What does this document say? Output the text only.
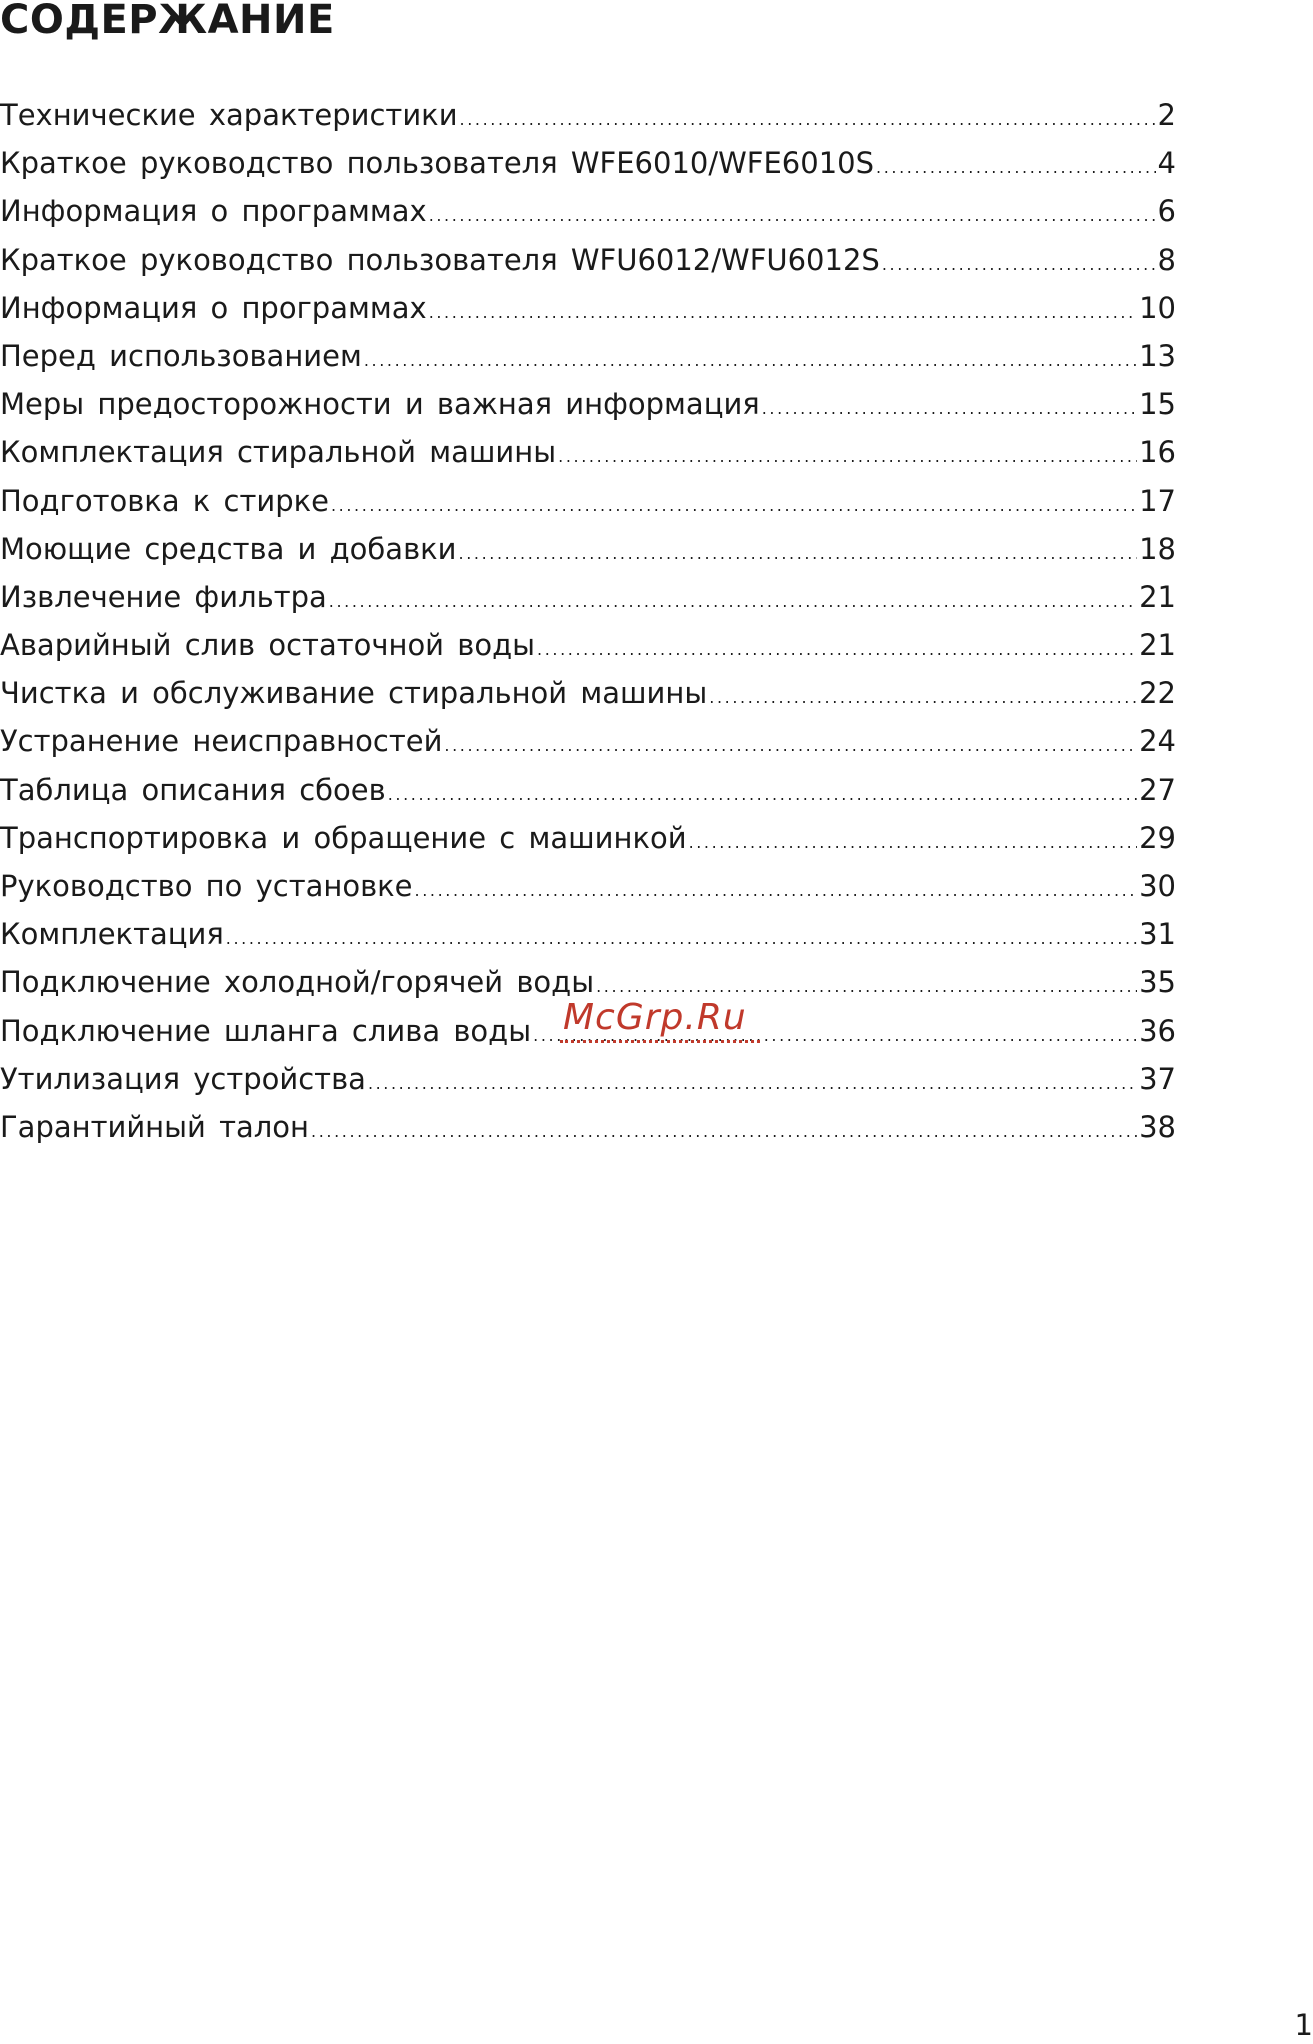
СОДЕРЖАНИЕ
Технические характеристики .....	2
Краткое руководство пользователя WFE6010/WFE6010S .....	4
Информация о программах .....	6
Краткое руководство пользователя WFU6012/WFU6012S .....	8
Информация о программах .....	10
Перед использованием .....	13
Меры предосторожности и важная информация .....	15
Комплектация стиральной машины .....	16
Подготовка к стирке .....	17
Моющие средства и добавки .....	18
Извлечение фильтра .....	21
Аварийный слив остаточной воды .....	21
Чистка и обслуживание стиральной машины .....	22
Устранение неисправностей .....	24
Таблица описания сбоев .....	27
Транспортировка и обращение с машинкой .....	29
Руководство по установке .....	30
Комплектация .....	31
Подключение холодной/горячей воды .....	35
Подключение шланга слива воды .....	36
Утилизация устройства .....	37
Гарантийный талон .....	38
McGrp.Ru
1
